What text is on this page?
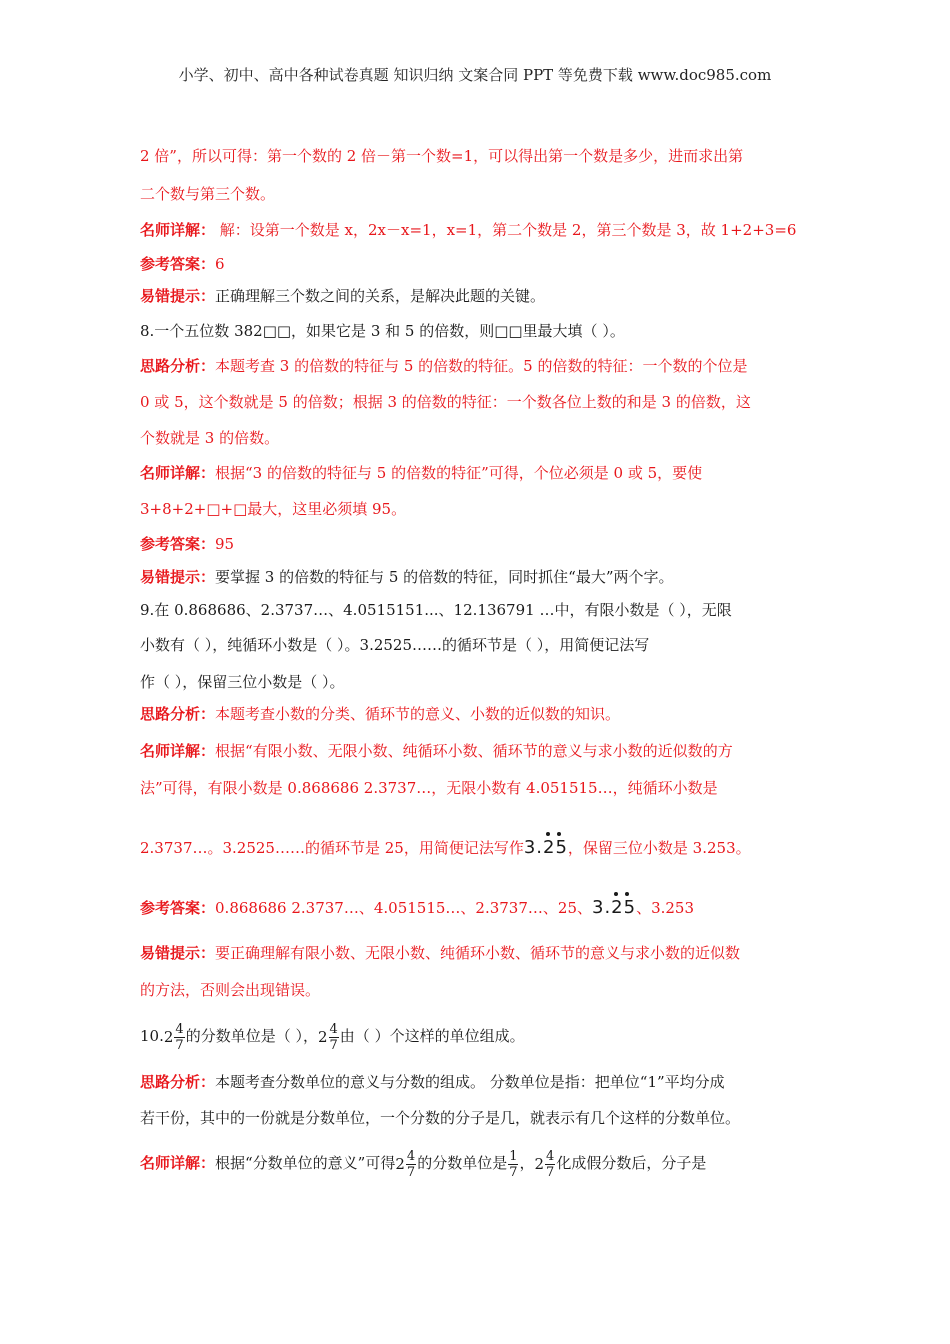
小学、初中、高中各种试卷真题 知识归纳 文案合同 PPT 等免费下载 www.doc985.com
2 倍”，所以可得：第一个数的 2 倍－第一个数=1，可以得出第一个数是多少，进而求出第
二个数与第三个数。
名师详解： 解：设第一个数是 x，2x－x=1，x=1，第二个数是 2，第三个数是 3，故 1+2+3=6
参考答案：6
易错提示：正确理解三个数之间的关系，是解决此题的关键。
8.一个五位数 382□□，如果它是 3 和 5 的倍数，则□□里最大填（ ）。
思路分析：本题考查 3 的倍数的特征与 5 的倍数的特征。5 的倍数的特征：一个数的个位是
0 或 5，这个数就是 5 的倍数；根据 3 的倍数的特征：一个数各位上数的和是 3 的倍数，这
个数就是 3 的倍数。
名师详解：根据“3 的倍数的特征与 5 的倍数的特征”可得，个位必须是 0 或 5，要使
3+8+2+□+□最大，这里必须填 95。
参考答案：95
易错提示：要掌握 3 的倍数的特征与 5 的倍数的特征，同时抓住“最大”两个字。
9.在 0.868686、2.3737…、4.0515151...、12.136791 …中，有限小数是（ ），无限
小数有（ ），纯循环小数是（ ）。3.2525……的循环节是（ ），用简便记法写
作（ ），保留三位小数是（ ）。
思路分析：本题考查小数的分类、循环节的意义、小数的近似数的知识。
名师详解：根据“有限小数、无限小数、纯循环小数、循环节的意义与求小数的近似数的方
法”可得，有限小数是 0.868686 2.3737…，无限小数有 4.051515…，纯循环小数是
2.3737…。3.2525……的循环节是 25，用简便记法写作3.25
，保留三位小数是 3.253。
参考答案：0.868686 2.3737…、4.051515…、2.3737…、25、3.25
、3.253
易错提示：要正确理解有限小数、无限小数、纯循环小数、循环节的意义与求小数的近似数
的方法，否则会出现错误。
$10.2 \frac{4}{7}$ 的分数单位是（ ），$2 \frac{4}{7}$ 由（ ）个这样的单位组成。
思路分析：本题考查分数单位的意义与分数的组成。 分数单位是指：把单位“1”平均分成
若干份，其中的一份就是分数单位，一个分数的分子是几，就表示有几个这样的分数单位。
名师详解：根据“分数单位的意义”可得$2 \frac{4}{7}$ 的分数单位是 $\frac{1}{7}$ ，$2 \frac{4}{7}$ 化成假分数后，分子是
